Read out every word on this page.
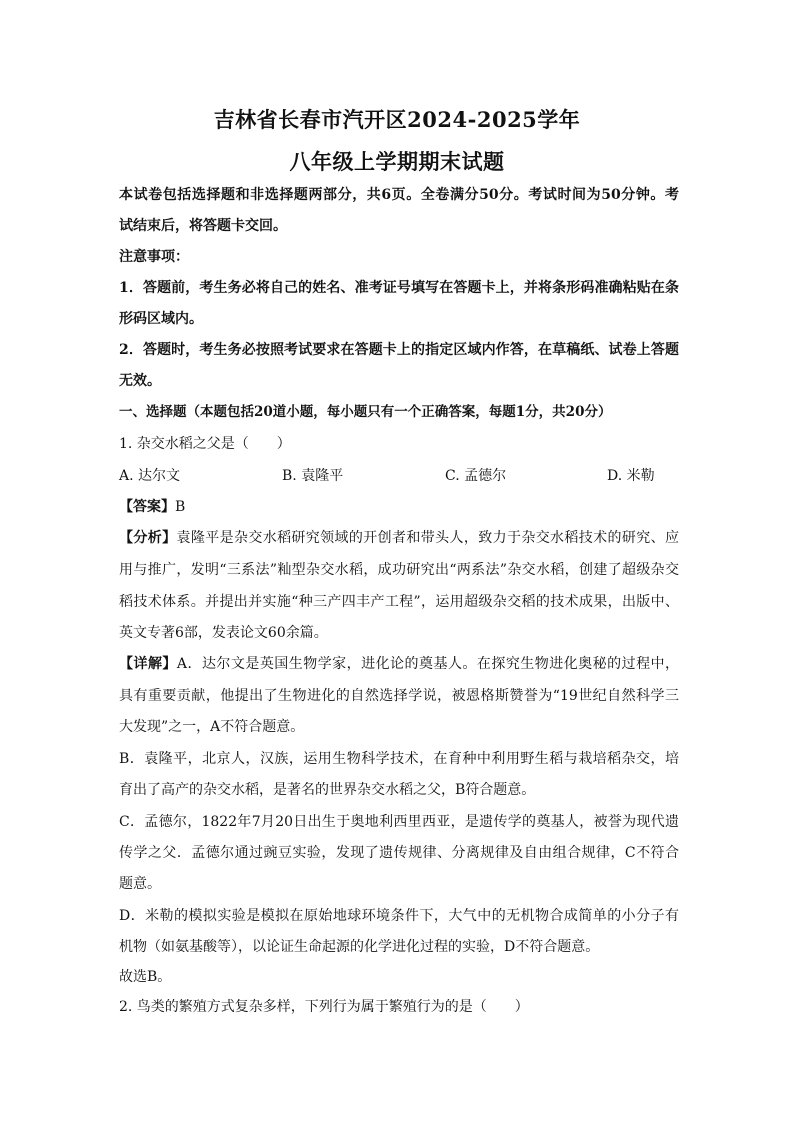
吉林省长春市汽开区2024-2025学年
八年级上学期期末试题
本试卷包括选择题和非选择题两部分，共6页。全卷满分50分。考试时间为50分钟。考
试结束后，将答题卡交回。
注意事项：
1．答题前，考生务必将自己的姓名、准考证号填写在答题卡上，并将条形码准确粘贴在条
形码区域内。
2．答题时，考生务必按照考试要求在答题卡上的指定区域内作答，在草稿纸、试卷上答题
无效。
一、选择题（本题包括20道小题，每小题只有一个正确答案，每题1分，共20分）
1. 杂交水稻之父是（　　）
A. 达尔文	B. 袁隆平	C. 孟德尔	D. 米勒
【答案】B
【分析】袁隆平是杂交水稻研究领域的开创者和带头人，致力于杂交水稻技术的研究、应
用与推广，发明“三系法”籼型杂交水稻，成功研究出“两系法”杂交水稻，创建了超级杂交
稻技术体系。并提出并实施“种三产四丰产工程”，运用超级杂交稻的技术成果，出版中、
英文专著6部，发表论文60余篇。
【详解】A．达尔文是英国生物学家，进化论的奠基人。在探究生物进化奥秘的过程中，
具有重要贡献，他提出了生物进化的自然选择学说，被恩格斯赞誉为“19世纪自然科学三
大发现”之一，A不符合题意。
B．袁隆平，北京人，汉族，运用生物科学技术，在育种中利用野生稻与栽培稻杂交，培
育出了高产的杂交水稻，是著名的世界杂交水稻之父，B符合题意。
C．孟德尔，1822年7月20日出生于奥地利西里西亚，是遗传学的奠基人，被誉为现代遗
传学之父．孟德尔通过豌豆实验，发现了遗传规律、分离规律及自由组合规律，C不符合
题意。
D．米勒的模拟实验是模拟在原始地球环境条件下，大气中的无机物合成简单的小分子有
机物（如氨基酸等），以论证生命起源的化学进化过程的实验，D不符合题意。
故选B。
2. 鸟类的繁殖方式复杂多样，下列行为属于繁殖行为的是（　　）
